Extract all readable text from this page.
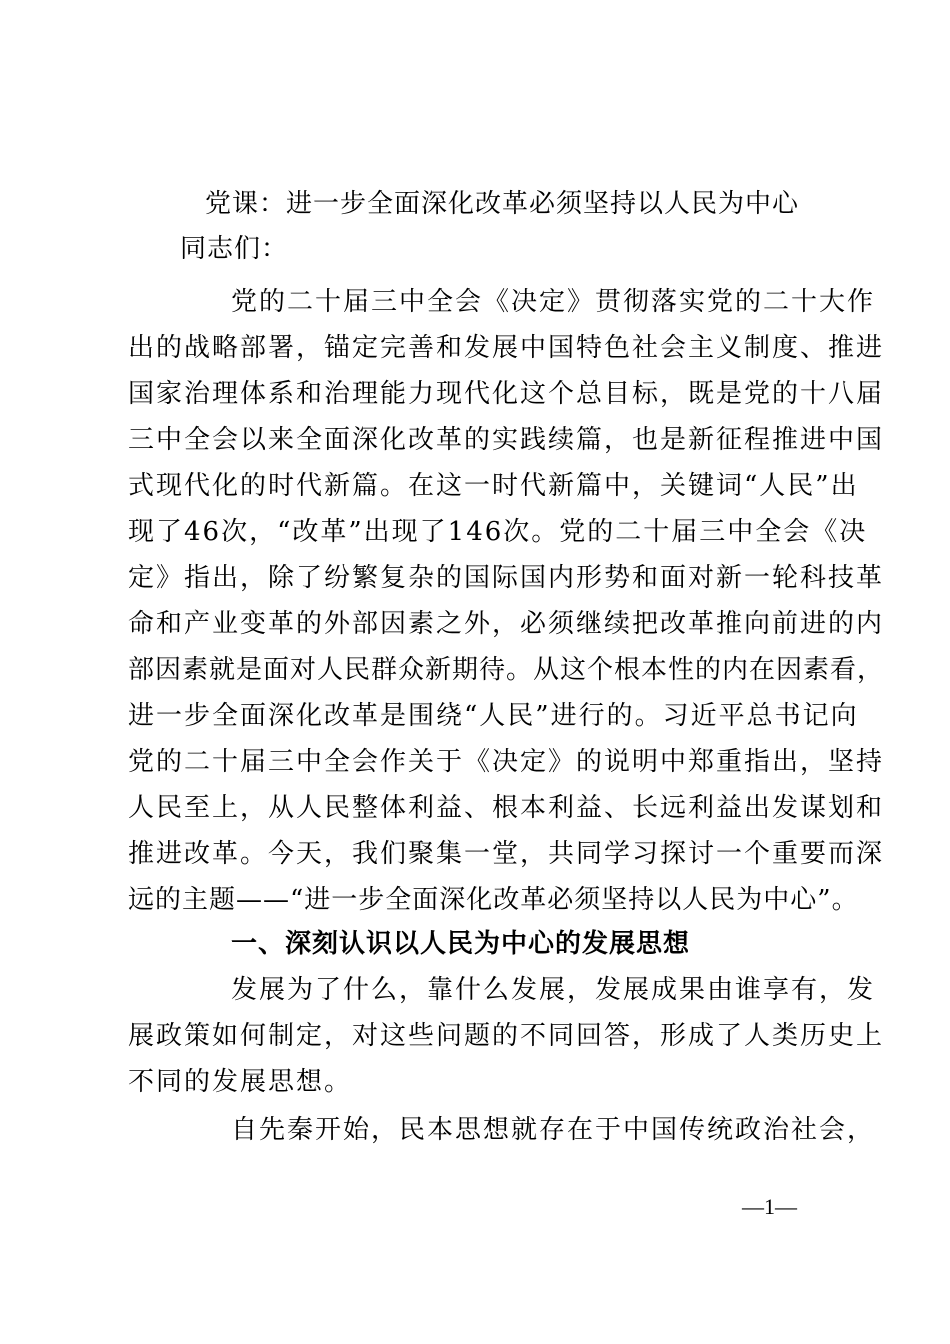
党课：进一步全面深化改革必须坚持以人民为中心
同志们：
党的二十届三中全会《决定》贯彻落实党的二十大作
出的战略部署，锚定完善和发展中国特色社会主义制度、推进
国家治理体系和治理能力现代化这个总目标，既是党的十八届
三中全会以来全面深化改革的实践续篇，也是新征程推进中国
式现代化的时代新篇。在这一时代新篇中，关键词“人民”出
现了46次，“改革”出现了146次。党的二十届三中全会《决
定》指出，除了纷繁复杂的国际国内形势和面对新一轮科技革
命和产业变革的外部因素之外，必须继续把改革推向前进的内
部因素就是面对人民群众新期待。从这个根本性的内在因素看，
进一步全面深化改革是围绕“人民”进行的。习近平总书记向
党的二十届三中全会作关于《决定》的说明中郑重指出，坚持
人民至上，从人民整体利益、根本利益、长远利益出发谋划和
推进改革。今天，我们聚集一堂，共同学习探讨一个重要而深
远的主题——“进一步全面深化改革必须坚持以人民为中心”。
一、深刻认识以人民为中心的发展思想
发展为了什么，靠什么发展，发展成果由谁享有，发
展政策如何制定，对这些问题的不同回答，形成了人类历史上
不同的发展思想。
自先秦开始，民本思想就存在于中国传统政治社会，
—1—
